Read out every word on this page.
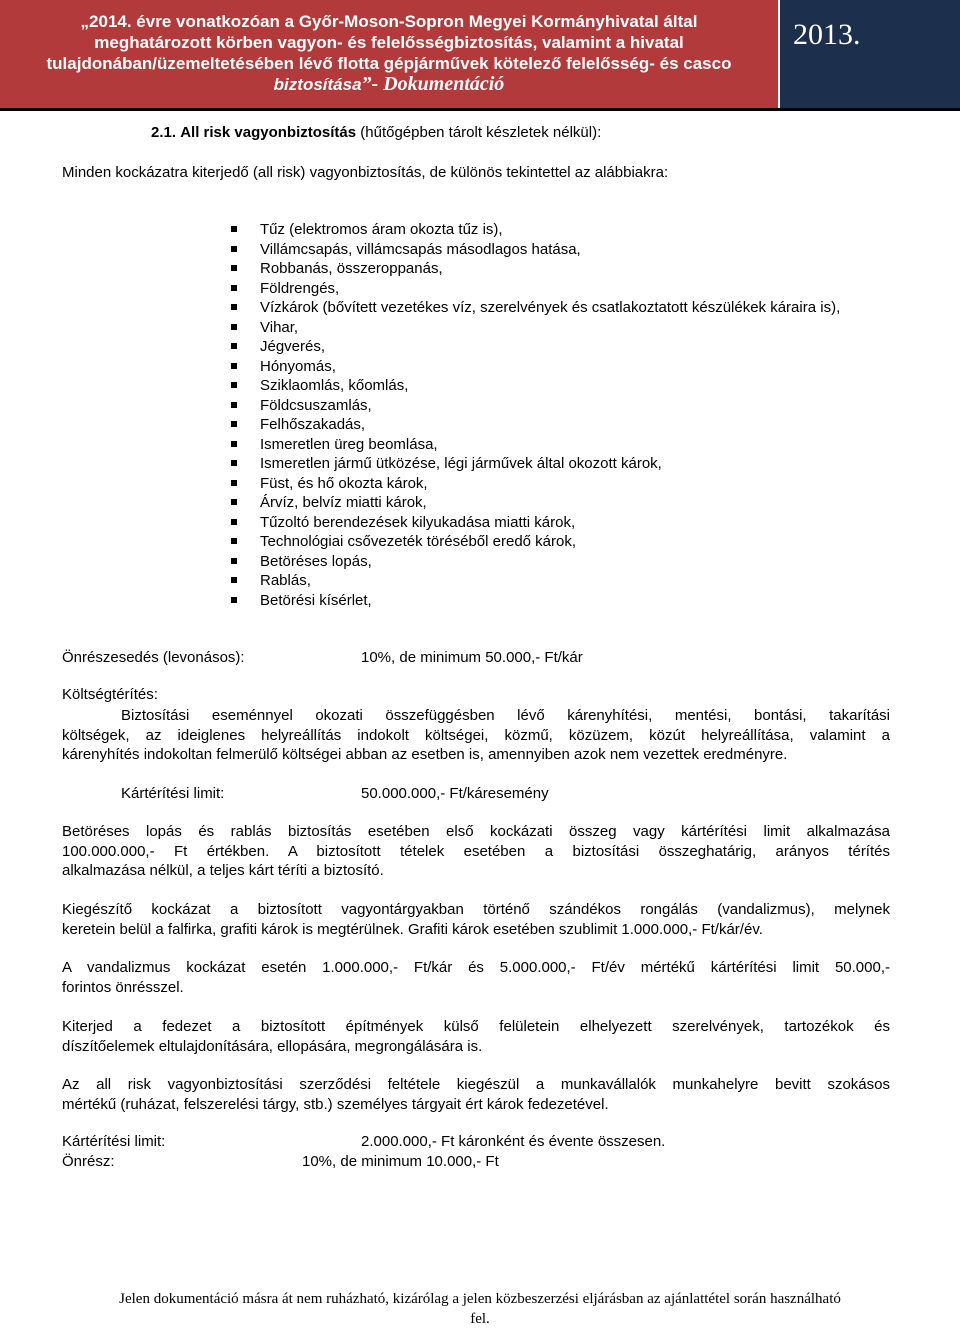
„2014. évre vonatkozóan a Győr-Moson-Sopron Megyei Kormányhivatal által
meghatározott körben vagyon- és felelősségbiztosítás, valamint a hivatal
tulajdonában/üzemeltetésében lévő flotta gépjárművek kötelező felelősség- és casco
biztosítása”- Dokumentáció
2013.
2.1. All risk vagyonbiztosítás (hűtőgépben tárolt készletek nélkül):
Minden kockázatra kiterjedő (all risk) vagyonbiztosítás, de különös tekintettel az alábbiakra:
Tűz (elektromos áram okozta tűz is),
Villámcsapás, villámcsapás másodlagos hatása,
Robbanás, összeroppanás,
Földrengés,
Vízkárok (bővített vezetékes víz, szerelvények és csatlakoztatott készülékek káraira is),
Vihar,
Jégverés,
Hónyomás,
Sziklaomlás, kőomlás,
Földcsuszamlás,
Felhőszakadás,
Ismeretlen üreg beomlása,
Ismeretlen jármű ütközése, légi járművek által okozott károk,
Füst, és hő okozta károk,
Árvíz, belvíz miatti károk,
Tűzoltó berendezések kilyukadása miatti károk,
Technológiai csővezeték töréséből eredő károk,
Betöréses lopás,
Rablás,
Betörési kísérlet,
Önrészesedés (levonásos):	10%, de minimum 50.000,- Ft/kár
Költségtérítés:
Biztosítási eseménnyel okozati összefüggésben lévő kárenyhítési, mentési, bontási, takarítási
költségek, az ideiglenes helyreállítás indokolt költségei, közmű, közüzem, közút helyreállítása, valamint a
kárenyhítés indokoltan felmerülő költségei abban az esetben is, amennyiben azok nem vezettek eredményre.
Kártérítési limit:	50.000.000,- Ft/káresemény
Betöréses lopás és rablás biztosítás esetében első kockázati összeg vagy kártérítési limit alkalmazása
100.000.000,- Ft értékben. A biztosított tételek esetében a biztosítási összeghatárig, arányos térítés
alkalmazása nélkül, a teljes kárt téríti a biztosító.
Kiegészítő kockázat a biztosított vagyontárgyakban történő szándékos rongálás (vandalizmus), melynek
keretein belül a falfirka, grafiti károk is megtérülnek. Grafiti károk esetében szublimit 1.000.000,- Ft/kár/év.
A vandalizmus kockázat esetén 1.000.000,- Ft/kár és 5.000.000,- Ft/év mértékű kártérítési limit 50.000,-
forintos önrésszel.
Kiterjed a fedezet a biztosított építmények külső felületein elhelyezett szerelvények, tartozékok és
díszítőelemek eltulajdonítására, ellopására, megrongálására is.
Az all risk vagyonbiztosítási szerződési feltétele kiegészül a munkavállalók munkahelyre bevitt szokásos
mértékű (ruházat, felszerelési tárgy, stb.) személyes tárgyait ért károk fedezetével.
Kártérítési limit:	2.000.000,- Ft káronként és évente összesen.
Önrész:	10%, de minimum 10.000,- Ft
Jelen dokumentáció másra át nem ruházható, kizárólag a jelen közbeszerzési eljárásban az ajánlattétel során használható
fel.
